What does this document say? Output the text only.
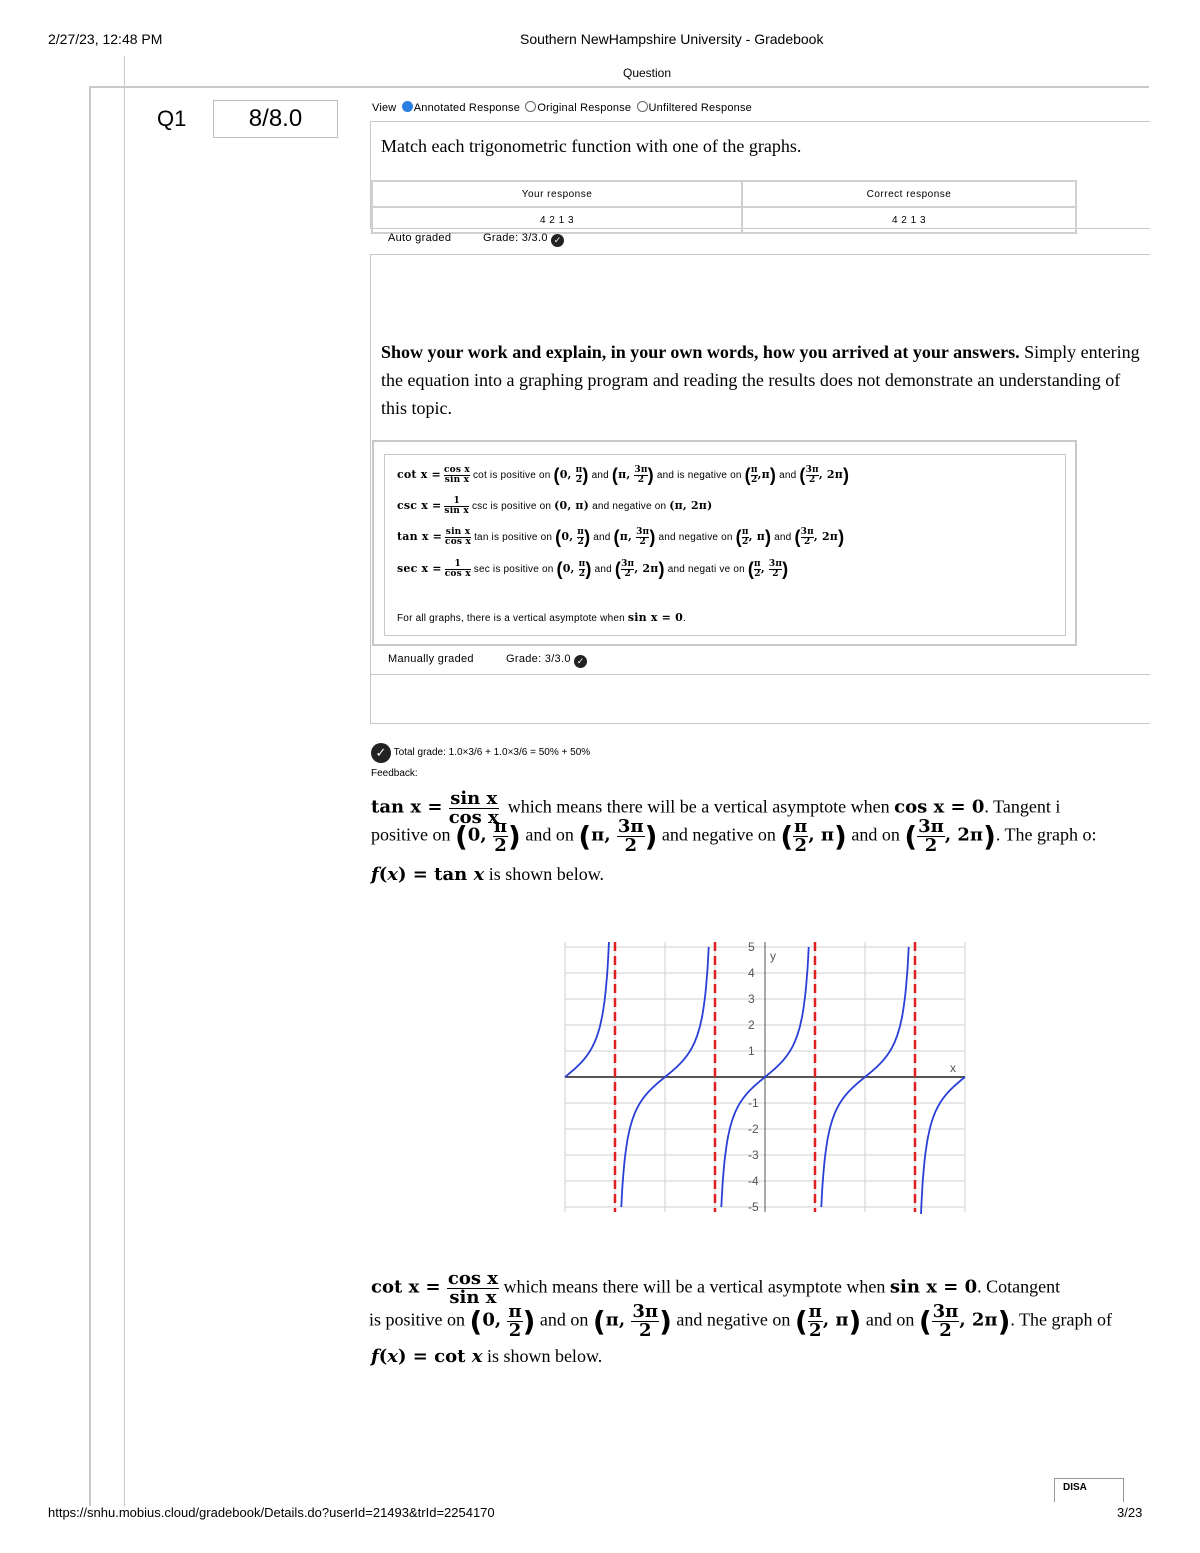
2/27/23, 12:48 PM	Southern NewHampshire University - Gradebook
Question
Q1	8/8.0	View Annotated Response Original Response Unfiltered Response
Match each trigonometric function with one of the graphs.
Your response	Correct response
4 2 1 3	4 2 1 3
Auto graded	Grade: 3/3.0 ✓
Show your work and explain, in your own words, how you arrived at your answers. Simply entering the equation into a graphing program and reading the results does not demonstrate an understanding of this topic.
$\cot x = \frac{\text{cos x}}{\text{sin x}}$ cot is positive on (0, $\frac{\pi}{2}$ ) and (π, $\frac{3\pi}{2}$ ) and is negative on ( $\frac{\pi}{2} ,\pi$) and ( $\frac{3\pi}{2}$ , 2π)
$\csc x = \frac{1}{\text{sin x}}$ csc is positive on (0, π) and negative on (π, 2π)
$\tan x = \frac{\text{sin x}}{\text{cos x}}$ tan is positive on (0, $\frac{\pi}{2}$ ) and (π, $\frac{3\pi}{2}$ ) and negative on ( $\frac{\pi}{2}$ , π) and ( $\frac{3\pi}{2}$ , 2π)
$\sec x = \frac{1}{\text{cos x}}$ sec is positive on (0, $\frac{\pi}{2}$ ) and ( $\frac{3\pi}{2}$ , 2π) and negati ve on ( $\frac{\pi}{2}$ , $\frac{3\pi}{2}$ )
For all graphs, there is a vertical asymptote when sin x = 0.
Manually graded	Grade: 3/3.0 ✓
✓ Total grade: 1.0×3/6 + 1.0×3/6 = 50% + 50%
Feedback:
$\tan x = \frac{\text{sin x}}{\text{cos x}}$ which means there will be a vertical asymptote when cos x = 0. Tangent i
positive on (0, $\frac{\pi}{2}$ ) and on (π, $\frac{3\pi}{2}$ ) and negative on ( $\frac{\pi}{2}$ , π) and on ( $\frac{3\pi}{2}$ , 2π). The graph o:
f(x) = tan x is shown below.
5
4
3
2
1
-1
-2
-3
-4
-5
y
x
$\cot x = \frac{\text{cos x}}{\text{sin x}}$ which means there will be a vertical asymptote when sin x = 0. Cotangent
is positive on (0, $\frac{\pi}{2}$ ) and on (π, $\frac{3\pi}{2}$ ) and negative on ( $\frac{\pi}{2}$ , π) and on ( $\frac{3\pi}{2}$ , 2π). The graph of
f(x) = cot x is shown below.
DISA
https://snhu.mobius.cloud/gradebook/Details.do?userId=21493&trId=2254170	3/23
